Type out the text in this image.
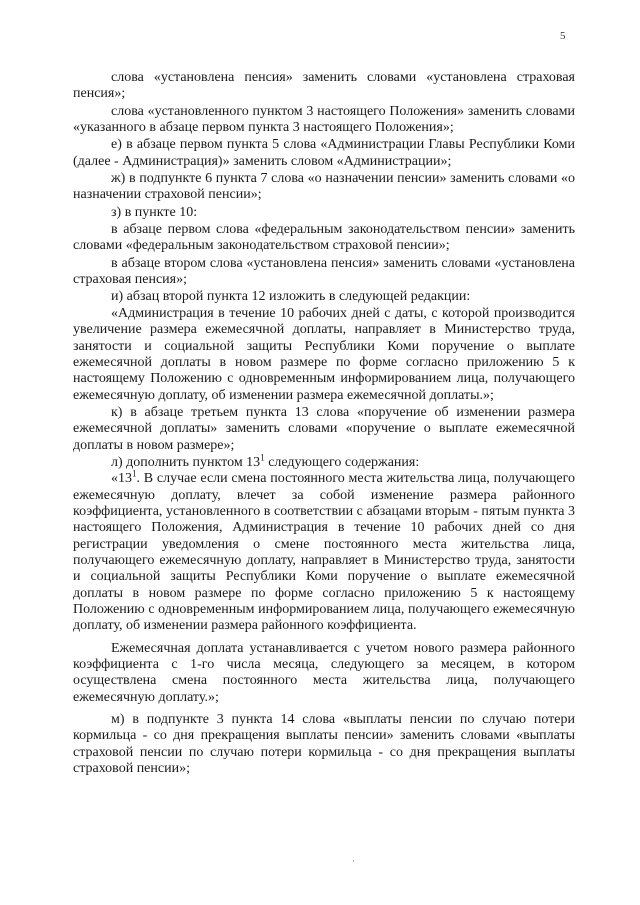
5

слова «установлена пенсия» заменить словами «установлена страховая пенсия»;

слова «установленного пунктом 3 настоящего Положения» заменить словами «указанного в абзаце первом пункта 3 настоящего Положения»;

е) в абзаце первом пункта 5 слова «Администрации Главы Республики Коми (далее - Администрация)» заменить словом «Администрации»;

ж) в подпункте 6 пункта 7 слова «о назначении пенсии» заменить словами «о назначении страховой пенсии»;

з) в пункте 10:

в абзаце первом слова «федеральным законодательством пенсии» заменить словами «федеральным законодательством страховой пенсии»;

в абзаце втором слова «установлена пенсия» заменить словами «установлена страховая пенсия»;

и) абзац второй пункта 12 изложить в следующей редакции:

«Администрация в течение 10 рабочих дней с даты, с которой производится увеличение размера ежемесячной доплаты, направляет в Министерство труда, занятости и социальной защиты Республики Коми поручение о выплате ежемесячной доплаты в новом размере по форме согласно приложению 5 к настоящему Положению с одновременным информированием лица, получающего ежемесячную доплату, об изменении размера ежемесячной доплаты.»;

к) в абзаце третьем пункта 13 слова «поручение об изменении размера ежемесячной доплаты» заменить словами «поручение о выплате ежемесячной доплаты в новом размере»;

л) дополнить пунктом $13^1$ следующего содержания:

«$13^1$. В случае если смена постоянного места жительства лица, получающего ежемесячную доплату, влечет за собой изменение размера районного коэффициента, установленного в соответствии с абзацами вторым - пятым пункта 3 настоящего Положения, Администрация в течение 10 рабочих дней со дня регистрации уведомления о смене постоянного места жительства лица, получающего ежемесячную доплату, направляет в Министерство труда, занятости и социальной защиты Республики Коми поручение о выплате ежемесячной доплаты в новом размере по форме согласно приложению 5 к настоящему Положению с одновременным информированием лица, получающего ежемесячную доплату, об изменении размера районного коэффициента.

Ежемесячная доплата устанавливается с учетом нового размера районного коэффициента с 1-го числа месяца, следующего за месяцем, в котором осуществлена смена постоянного места жительства лица, получающего ежемесячную доплату.»;

м) в подпункте 3 пункта 14 слова «выплаты пенсии по случаю потери кормильца - со дня прекращения выплаты пенсии» заменить словами «выплаты страховой пенсии по случаю потери кормильца - со дня прекращения выплаты страховой пенсии»;

·
